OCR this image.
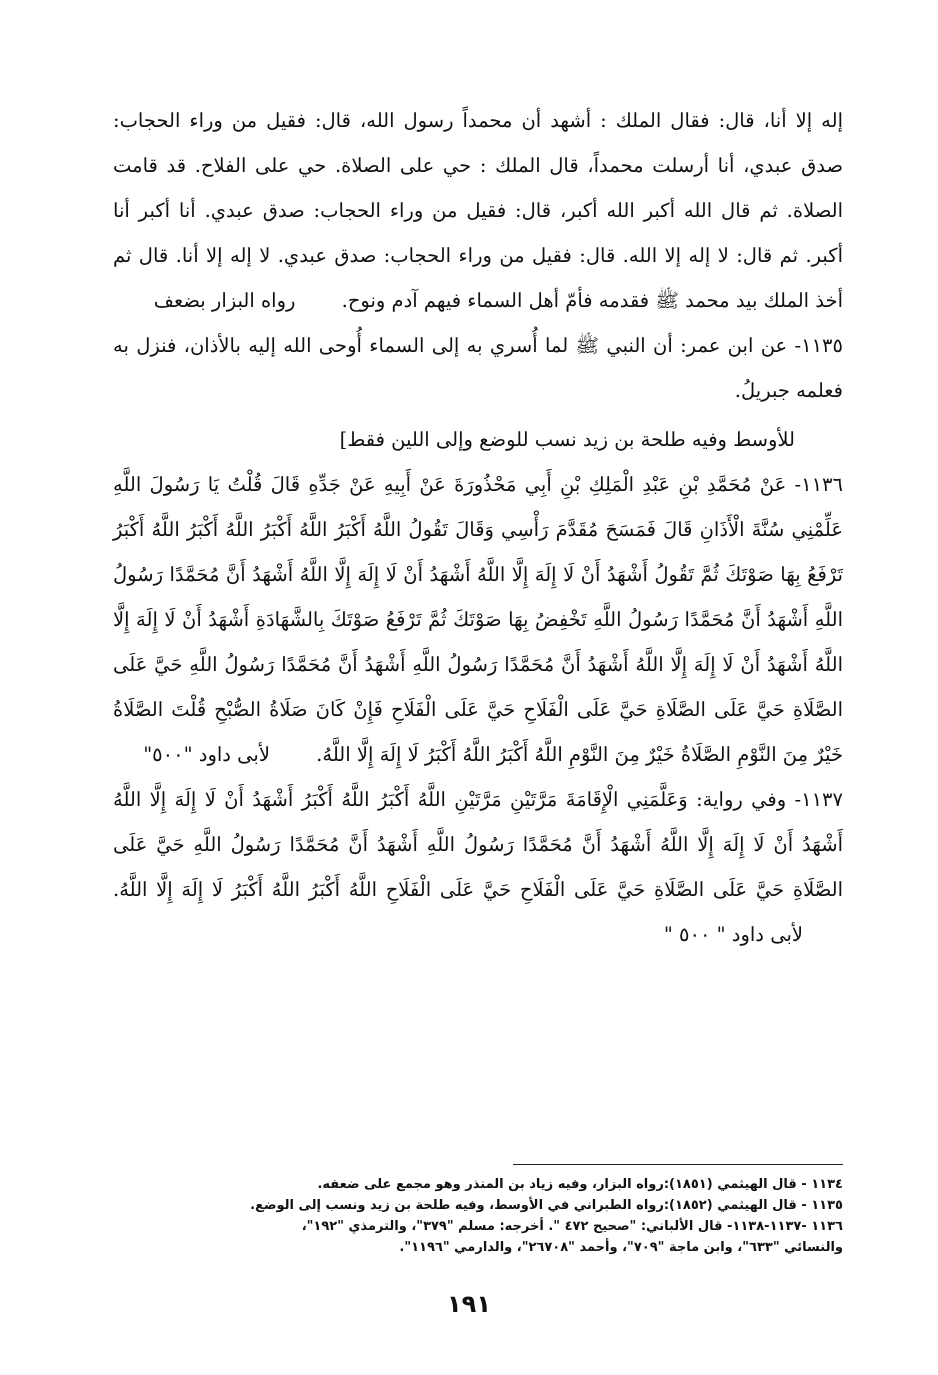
إله إلا أنا، قال: فقال الملك : أشهد أن محمداً رسول الله، قال: فقيل من وراء الحجاب: صدق عبدي، أنا أرسلت محمداً، قال الملك : حي على الصلاة. حي على الفلاح. قد قامت الصلاة. ثم قال الله أكبر الله أكبر، قال: فقيل من وراء الحجاب: صدق عبدي. أنا أكبر أنا أكبر. ثم قال: لا إله إلا الله. قال: فقيل من وراء الحجاب: صدق عبدي. لا إله إلا أنا. قال ثم أخذ الملك بيد محمد ﷺ فقدمه فأمّ أهل السماء فيهم آدم ونوح. رواه البزار بضعف

١١٣٥- عن ابن عمر: أن النبي ﷺ لما أُسري به إلى السماء أُوحى الله إليه بالأذان، فنزل به فعلمه جبريلُ.

للأوسط وفيه طلحة بن زيد نسب للوضع وإلى اللين فقط]

١١٣٦- عَنْ مُحَمَّدِ بْنِ عَبْدِ الْمَلِكِ بْنِ أَبِي مَحْذُورَةَ عَنْ أَبِيهِ عَنْ جَدِّهِ قَالَ قُلْتُ يَا رَسُولَ اللَّهِ عَلِّمْنِي سُنَّةَ الْأَذَانِ قَالَ فَمَسَحَ مُقَدَّمَ رَأْسِي وَقَالَ تَقُولُ اللَّهُ أَكْبَرُ اللَّهُ أَكْبَرُ اللَّهُ أَكْبَرُ اللَّهُ أَكْبَرُ تَرْفَعُ بِهَا صَوْتَكَ ثُمَّ تَقُولُ أَشْهَدُ أَنْ لَا إِلَهَ إِلَّا اللَّهُ أَشْهَدُ أَنْ لَا إِلَهَ إِلَّا اللَّهُ أَشْهَدُ أَنَّ مُحَمَّدًا رَسُولُ اللَّهِ أَشْهَدُ أَنَّ مُحَمَّدًا رَسُولُ اللَّهِ تَخْفِضُ بِهَا صَوْتَكَ ثُمَّ تَرْفَعُ صَوْتَكَ بِالشَّهَادَةِ أَشْهَدُ أَنْ لَا إِلَهَ إِلَّا اللَّهُ أَشْهَدُ أَنْ لَا إِلَهَ إِلَّا اللَّهُ أَشْهَدُ أَنَّ مُحَمَّدًا رَسُولُ اللَّهِ أَشْهَدُ أَنَّ مُحَمَّدًا رَسُولُ اللَّهِ حَيَّ عَلَى الصَّلَاةِ حَيَّ عَلَى الصَّلَاةِ حَيَّ عَلَى الْفَلَاحِ حَيَّ عَلَى الْفَلَاحِ فَإِنْ كَانَ صَلَاةُ الصُّبْحِ قُلْتَ الصَّلَاةُ خَيْرٌ مِنَ النَّوْمِ الصَّلَاةُ خَيْرٌ مِنَ النَّوْمِ اللَّهُ أَكْبَرُ اللَّهُ أَكْبَرُ لَا إِلَهَ إِلَّا اللَّهُ. لأبى داود "٥٠٠"

١١٣٧- وفي رواية: وَعَلَّمَنِي الْإِقَامَةَ مَرَّتَيْنِ مَرَّتَيْنِ اللَّهُ أَكْبَرُ اللَّهُ أَكْبَرُ أَشْهَدُ أَنْ لَا إِلَهَ إِلَّا اللَّهُ أَشْهَدُ أَنْ لَا إِلَهَ إِلَّا اللَّهُ أَشْهَدُ أَنَّ مُحَمَّدًا رَسُولُ اللَّهِ أَشْهَدُ أَنَّ مُحَمَّدًا رَسُولُ اللَّهِ حَيَّ عَلَى الصَّلَاةِ حَيَّ عَلَى الصَّلَاةِ حَيَّ عَلَى الْفَلَاحِ حَيَّ عَلَى الْفَلَاحِ اللَّهُ أَكْبَرُ اللَّهُ أَكْبَرُ لَا إِلَهَ إِلَّا اللَّهُ. لأبى داود " ٥٠٠ "

١١٣٤ - قال الهيثمي (١٨٥١):رواه البزار، وفيه زياد بن المنذر وهو مجمع على ضعفه.

١١٣٥ - قال الهيثمي (١٨٥٢):رواه الطبراني في الأوسط، وفيه طلحة بن زيد ونسب إلى الوضع.

١١٣٦ -١١٣٧-١١٣٨- قال الألباني: "صحيح ٤٧٢ ". أخرجه: مسلم "٣٧٩"، والترمذي "١٩٢"،

والنسائي "٦٣٣"، وابن ماجة "٧٠٩"، وأحمد "٢٦٧٠٨"، والدارمي "١١٩٦".

١٩١
